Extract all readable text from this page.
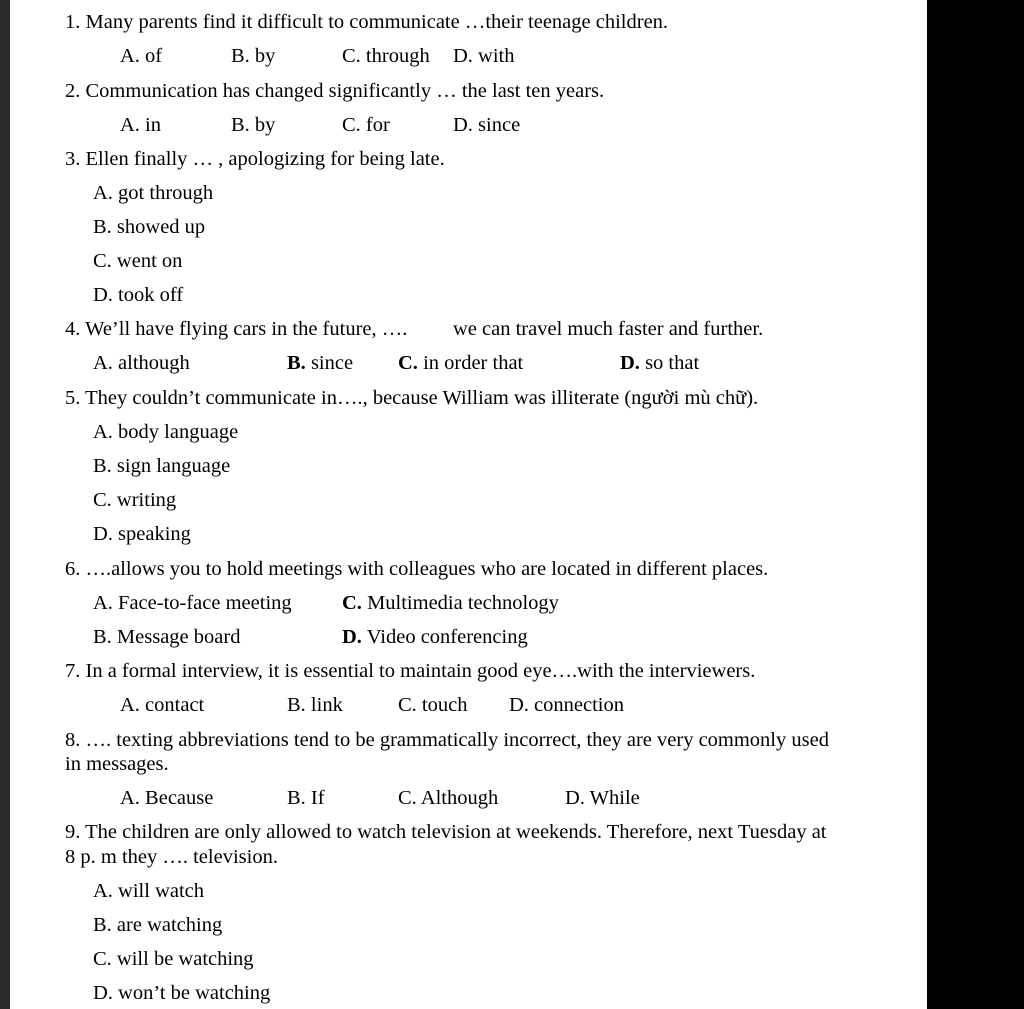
1. Many parents find it difficult to communicate …their teenage children.
A. of	B. by	C. through D. with
2. Communication has changed significantly … the last ten years.
A. in	B. by	C. for	D. since
3. Ellen finally … , apologizing for being late.
A. got through
B. showed up
C. went on
D. took off
4. We’ll have flying cars in the future, …. we can travel much faster and further.
A. although	B. since C. in order that	D. so that
5. They couldn’t communicate in…., because William was illiterate (người mù chữ).
A. body language
B. sign language
C. writing
D. speaking
6. ….allows you to hold meetings with colleagues who are located in different places.
A. Face-to-face meeting C. Multimedia technology
B. Message board	D. Video conferencing
7. In a formal interview, it is essential to maintain good eye….with the interviewers.
A. contact	B. link	C. touch D. connection
8. …. texting abbreviations tend to be grammatically incorrect, they are very commonly used
in messages.
A. Because	B. If	C. Although	D. While
9. The children are only allowed to watch television at weekends. Therefore, next Tuesday at
8 p. m they …. television.
A. will watch
B. are watching
C. will be watching
D. won’t be watching
